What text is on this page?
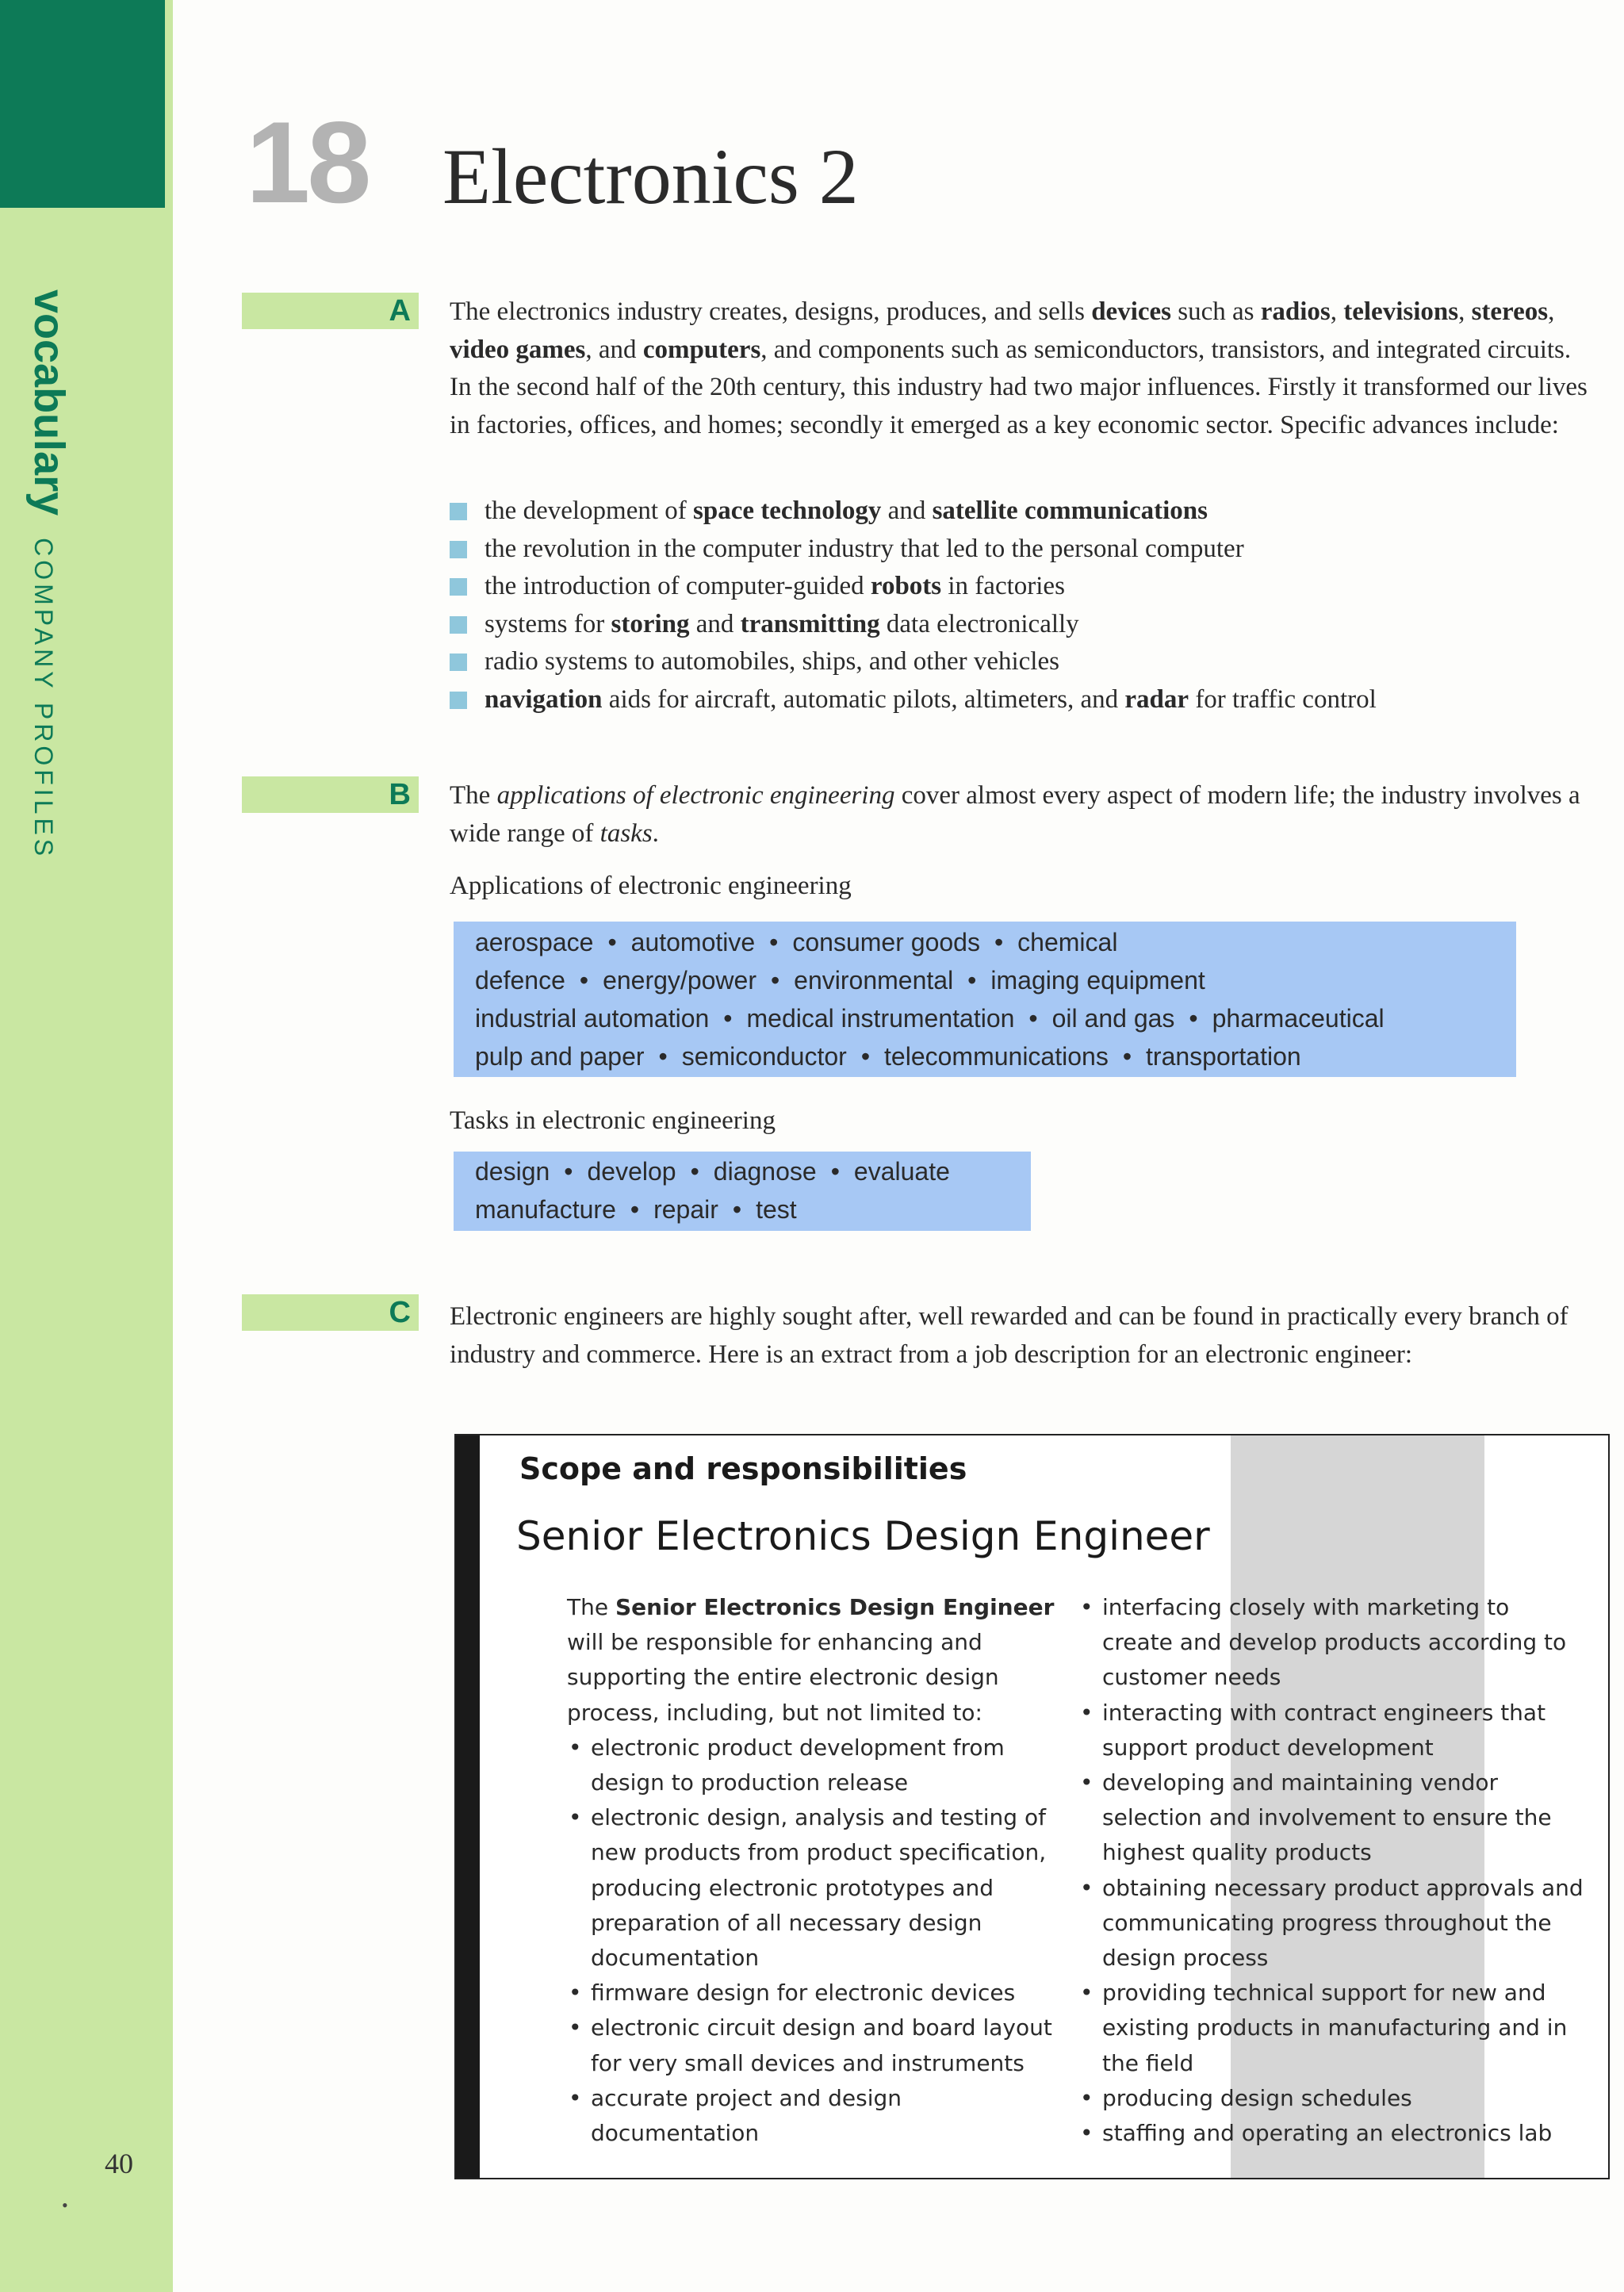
vocabularyCOMPANY PROFILES
40
•
18 Electronics 2
A	The electronics industry creates, designs, produces, and sells devices such as radios, televisions, stereos, video games, and computers, and components such as semiconductors, transistors, and integrated circuits. In the second half of the 20th century, this industry had two major influences. Firstly it transformed our lives in factories, offices, and homes; secondly it emerged as a key economic sector. Specific advances include:
the development of space technology and satellite communications
the revolution in the computer industry that led to the personal computer
the introduction of computer-guided robots in factories
systems for storing and transmitting data electronically
radio systems to automobiles, ships, and other vehicles
navigation aids for aircraft, automatic pilots, altimeters, and radar for traffic control
B	The applications of electronic engineering cover almost every aspect of modern life; the industry involves a wide range of tasks.
Applications of electronic engineering
aerospace • automotive • consumer goods • chemical
defence • energy/power • environmental • imaging equipment
industrial automation • medical instrumentation • oil and gas • pharmaceutical
pulp and paper • semiconductor • telecommunications • transportation
Tasks in electronic engineering
design • develop • diagnose • evaluate
manufacture • repair • test
C	Electronic engineers are highly sought after, well rewarded and can be found in practically every branch of industry and commerce. Here is an extract from a job description for an electronic engineer:
Scope and responsibilities
Senior Electronics Design Engineer

The Senior Electronics Design Engineer will be responsible for enhancing and supporting the entire electronic design process, including, but not limited to:

• electronic product development from design to production release
• electronic design, analysis and testing of new products from product specification, producing electronic prototypes and preparation of all necessary design documentation
• firmware design for electronic devices
• electronic circuit design and board layout for very small devices and instruments
• accurate project and design documentation
• interfacing closely with marketing to create and develop products according to customer needs
• interacting with contract engineers that support product development
• developing and maintaining vendor selection and involvement to ensure the highest quality products
• obtaining necessary product approvals and communicating progress throughout the design process
• providing technical support for new and existing products in manufacturing and in the field
• producing design schedules
• staffing and operating an electronics lab
